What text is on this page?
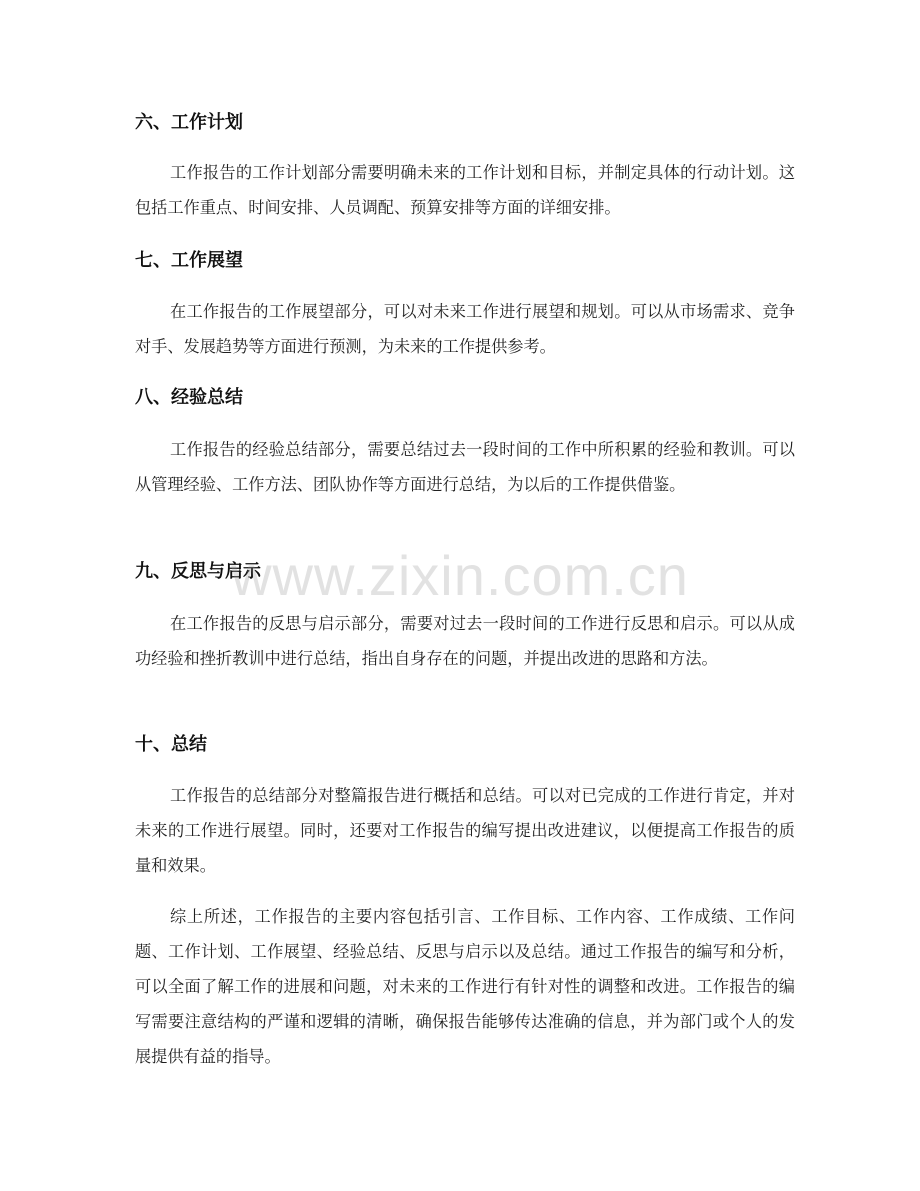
六、工作计划

工作报告的工作计划部分需要明确未来的工作计划和目标，并制定具体的行动计划。这包括工作重点、时间安排、人员调配、预算安排等方面的详细安排。

七、工作展望

在工作报告的工作展望部分，可以对未来工作进行展望和规划。可以从市场需求、竞争对手、发展趋势等方面进行预测，为未来的工作提供参考。

八、经验总结

工作报告的经验总结部分，需要总结过去一段时间的工作中所积累的经验和教训。可以从管理经验、工作方法、团队协作等方面进行总结，为以后的工作提供借鉴。

九、反思与启示

在工作报告的反思与启示部分，需要对过去一段时间的工作进行反思和启示。可以从成功经验和挫折教训中进行总结，指出自身存在的问题，并提出改进的思路和方法。

十、总结

工作报告的总结部分对整篇报告进行概括和总结。可以对已完成的工作进行肯定，并对未来的工作进行展望。同时，还要对工作报告的编写提出改进建议，以便提高工作报告的质量和效果。

综上所述，工作报告的主要内容包括引言、工作目标、工作内容、工作成绩、工作问题、工作计划、工作展望、经验总结、反思与启示以及总结。通过工作报告的编写和分析，可以全面了解工作的进展和问题，对未来的工作进行有针对性的调整和改进。工作报告的编写需要注意结构的严谨和逻辑的清晰，确保报告能够传达准确的信息，并为部门或个人的发展提供有益的指导。

www.zixin.com.cn
